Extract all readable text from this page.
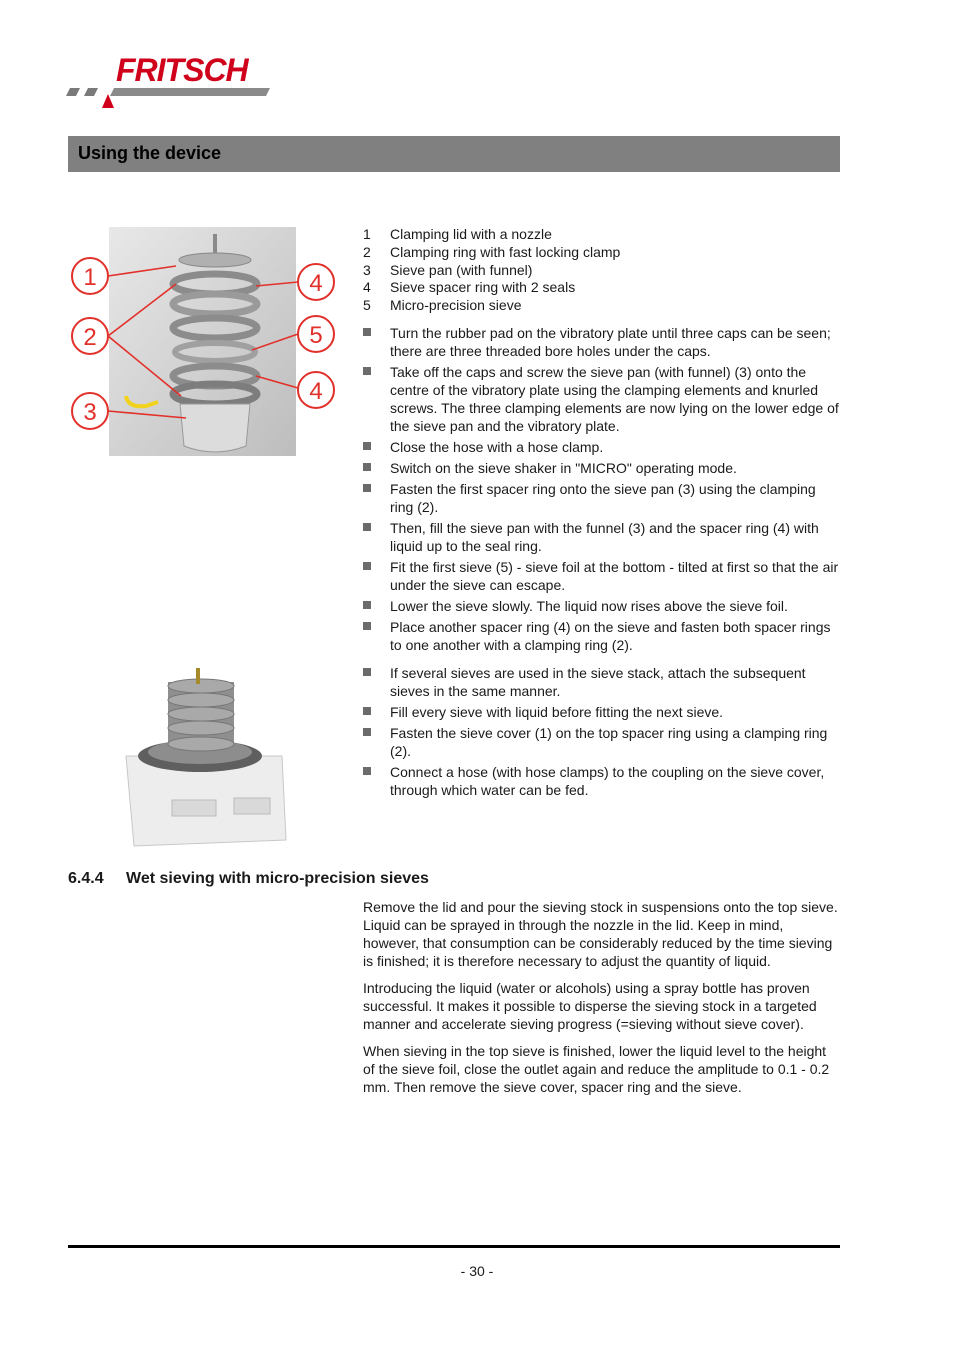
FRITSCH
Using the device
1
2
3
4
5
4
1	Clamping lid with a nozzle
2	Clamping ring with fast locking clamp
3	Sieve pan (with funnel)
4	Sieve spacer ring with 2 seals
5	Micro-precision sieve
Turn the rubber pad on the vibratory plate until three caps can be seen; there are three threaded bore holes under the caps.
Take off the caps and screw the sieve pan (with funnel) (3) onto the centre of the vibratory plate using the clamping elements and knurled screws. The three clamping elements are now lying on the lower edge of the sieve pan and the vibratory plate.
Close the hose with a hose clamp.
Switch on the sieve shaker in "MICRO" operating mode.
Fasten the first spacer ring onto the sieve pan (3) using the clamping ring (2).
Then, fill the sieve pan with the funnel (3) and the spacer ring (4) with liquid up to the seal ring.
Fit the first sieve (5) - sieve foil at the bottom - tilted at first so that the air under the sieve can escape.
Lower the sieve slowly. The liquid now rises above the sieve foil.
Place another spacer ring (4) on the sieve and fasten both spacer rings to one another with a clamping ring (2).
If several sieves are used in the sieve stack, attach the subsequent sieves in the same manner.
Fill every sieve with liquid before fitting the next sieve.
Fasten the sieve cover (1) on the top spacer ring using a clamping ring (2).
Connect a hose (with hose clamps) to the coupling on the sieve cover, through which water can be fed.
6.4.4 Wet sieving with micro-precision sieves

Remove the lid and pour the sieving stock in suspensions onto the top sieve. Liquid can be sprayed in through the nozzle in the lid. Keep in mind, however, that consumption can be considerably reduced by the time sieving is finished; it is therefore necessary to adjust the quantity of liquid.

Introducing the liquid (water or alcohols) using a spray bottle has proven successful. It makes it possible to disperse the sieving stock in a targeted manner and accelerate sieving progress (=sieving without sieve cover).

When sieving in the top sieve is finished, lower the liquid level to the height of the sieve foil, close the outlet again and reduce the amplitude to 0.1 - 0.2 mm. Then remove the sieve cover, spacer ring and the sieve.

- 30 -
